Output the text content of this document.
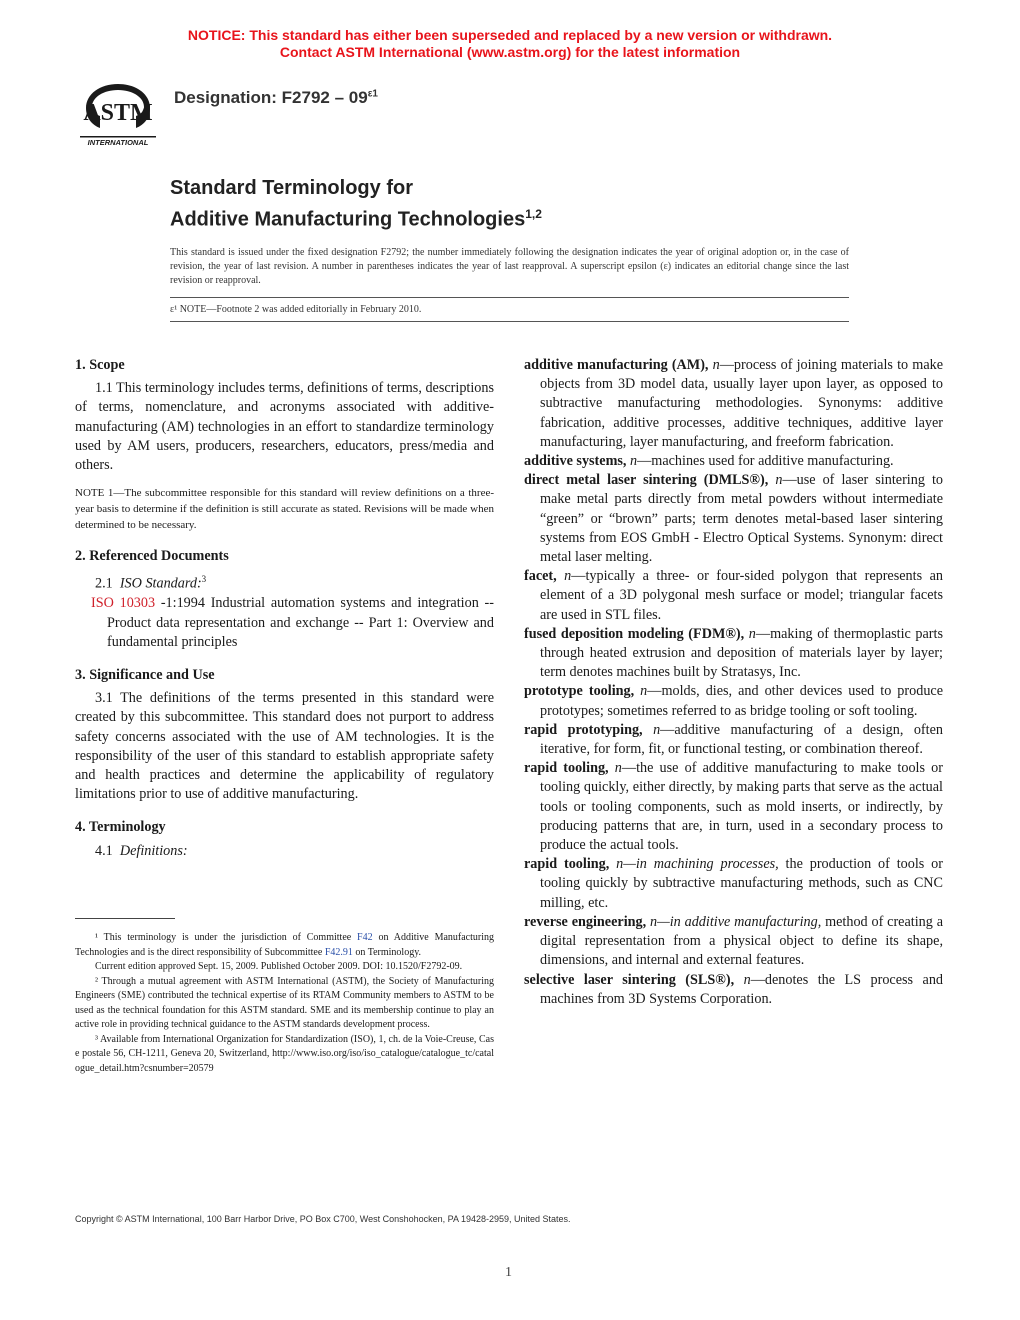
NOTICE: This standard has either been superseded and replaced by a new version or withdrawn.
Contact ASTM International (www.astm.org) for the latest information
ASTM
INTERNATIONAL
Designation: $F2792 - 09^{\varepsilon 1}$
Standard Terminology for
Additive Manufacturing Technologies$^{1,2}$
This standard is issued under the fixed designation F2792; the number immediately following the designation indicates the year of original adoption or, in the case of revision, the year of last revision. A number in parentheses indicates the year of last reapproval. A superscript epsilon (ε) indicates an editorial change since the last revision or reapproval.
ε¹ NOTE—Footnote 2 was added editorially in February 2010.

1. Scope

1.1 This terminology includes terms, definitions of terms, descriptions of terms, nomenclature, and acronyms associated with additive-manufacturing (AM) technologies in an effort to standardize terminology used by AM users, producers, researchers, educators, press/media and others.

NOTE 1—The subcommittee responsible for this standard will review definitions on a three-year basis to determine if the definition is still accurate as stated. Revisions will be made when determined to be necessary.

2. Referenced Documents

2.1 ISO Standard:$^3$

ISO 10303 -1:1994 Industrial automation systems and integration -- Product data representation and exchange -- Part 1: Overview and fundamental principles

3. Significance and Use

3.1 The definitions of the terms presented in this standard were created by this subcommittee. This standard does not purport to address safety concerns associated with the use of AM technologies. It is the responsibility of the user of this standard to establish appropriate safety and health practices and determine the applicability of regulatory limitations prior to use of additive manufacturing.

4. Terminology

4.1 Definitions:

¹ This terminology is under the jurisdiction of Committee F42 on Additive Manufacturing Technologies and is the direct responsibility of Subcommittee F42.91 on Terminology.

Current edition approved Sept. 15, 2009. Published October 2009. DOI: 10.1520/F2792-09.

² Through a mutual agreement with ASTM International (ASTM), the Society of Manufacturing Engineers (SME) contributed the technical expertise of its RTAM Community members to ASTM to be used as the technical foundation for this ASTM standard. SME and its membership continue to play an active role in providing technical guidance to the ASTM standards development process.

³ Available from International Organization for Standardization (ISO), 1, ch. de la Voie-Creuse, Case postale 56, CH-1211, Geneva 20, Switzerland, http://www.iso.org/iso/iso_catalogue/catalogue_tc/catalogue_detail.htm?csnumber=20579

additive manufacturing (AM), n—process of joining materials to make objects from 3D model data, usually layer upon layer, as opposed to subtractive manufacturing methodologies. Synonyms: additive fabrication, additive processes, additive techniques, additive layer manufacturing, layer manufacturing, and freeform fabrication.

additive systems, n—machines used for additive manufacturing.

direct metal laser sintering (DMLS®), n—use of laser sintering to make metal parts directly from metal powders without intermediate “green” or “brown” parts; term denotes metal-based laser sintering systems from EOS GmbH - Electro Optical Systems. Synonym: direct metal laser melting.

facet, n—typically a three- or four-sided polygon that represents an element of a 3D polygonal mesh surface or model; triangular facets are used in STL files.

fused deposition modeling (FDM®), n—making of thermoplastic parts through heated extrusion and deposition of materials layer by layer; term denotes machines built by Stratasys, Inc.

prototype tooling, n—molds, dies, and other devices used to produce prototypes; sometimes referred to as bridge tooling or soft tooling.

rapid prototyping, n—additive manufacturing of a design, often iterative, for form, fit, or functional testing, or combination thereof.

rapid tooling, n—the use of additive manufacturing to make tools or tooling quickly, either directly, by making parts that serve as the actual tools or tooling components, such as mold inserts, or indirectly, by producing patterns that are, in turn, used in a secondary process to produce the actual tools.

rapid tooling, n—in machining processes, the production of tools or tooling quickly by subtractive manufacturing methods, such as CNC milling, etc.

reverse engineering, n—in additive manufacturing, method of creating a digital representation from a physical object to define its shape, dimensions, and internal and external features.

selective laser sintering (SLS®), n—denotes the LS process and machines from 3D Systems Corporation.

Copyright © ASTM International, 100 Barr Harbor Drive, PO Box C700, West Conshohocken, PA 19428-2959, United States.
1
